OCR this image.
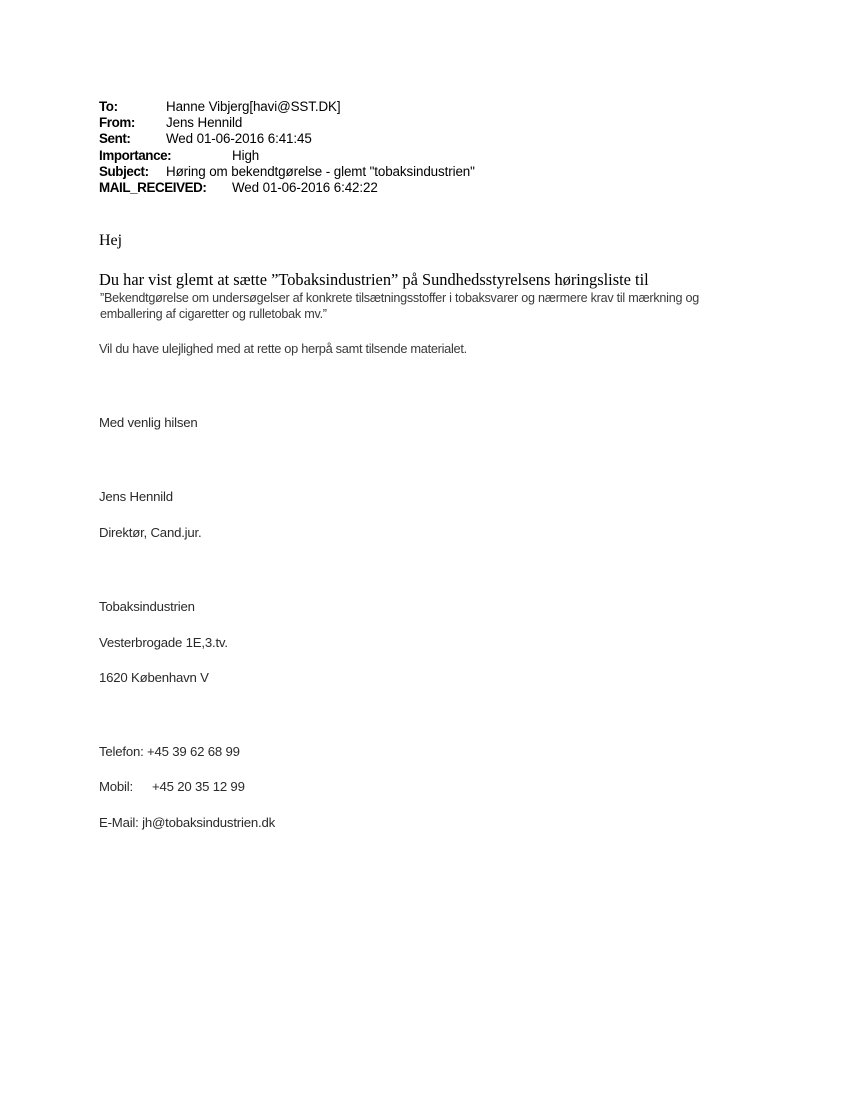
To:	Hanne Vibjerg[havi@SST.DK]
From: Jens Hennild
Sent:	Wed 01-06-2016 6:41:45
Importance:	High
Subject: Høring om bekendtgørelse - glemt "tobaksindustrien"
MAIL_RECEIVED: Wed 01-06-2016 6:42:22
Hej
Du har vist glemt at sætte ”Tobaksindustrien” på Sundhedsstyrelsens høringsliste til
”Bekendtgørelse om undersøgelser af konkrete tilsætningsstoffer i tobaksvarer og nærmere krav til mærkning og emballering af cigaretter og rulletobak mv.”
Vil du have ulejlighed med at rette op herpå samt tilsende materialet.
Med venlig hilsen
Jens Hennild
Direktør, Cand.jur.
Tobaksindustrien
Vesterbrogade 1E,3.tv.
1620 København V
Telefon: +45 39 62 68 99
Mobil: +45 20 35 12 99
E-Mail: jh@tobaksindustrien.dk
